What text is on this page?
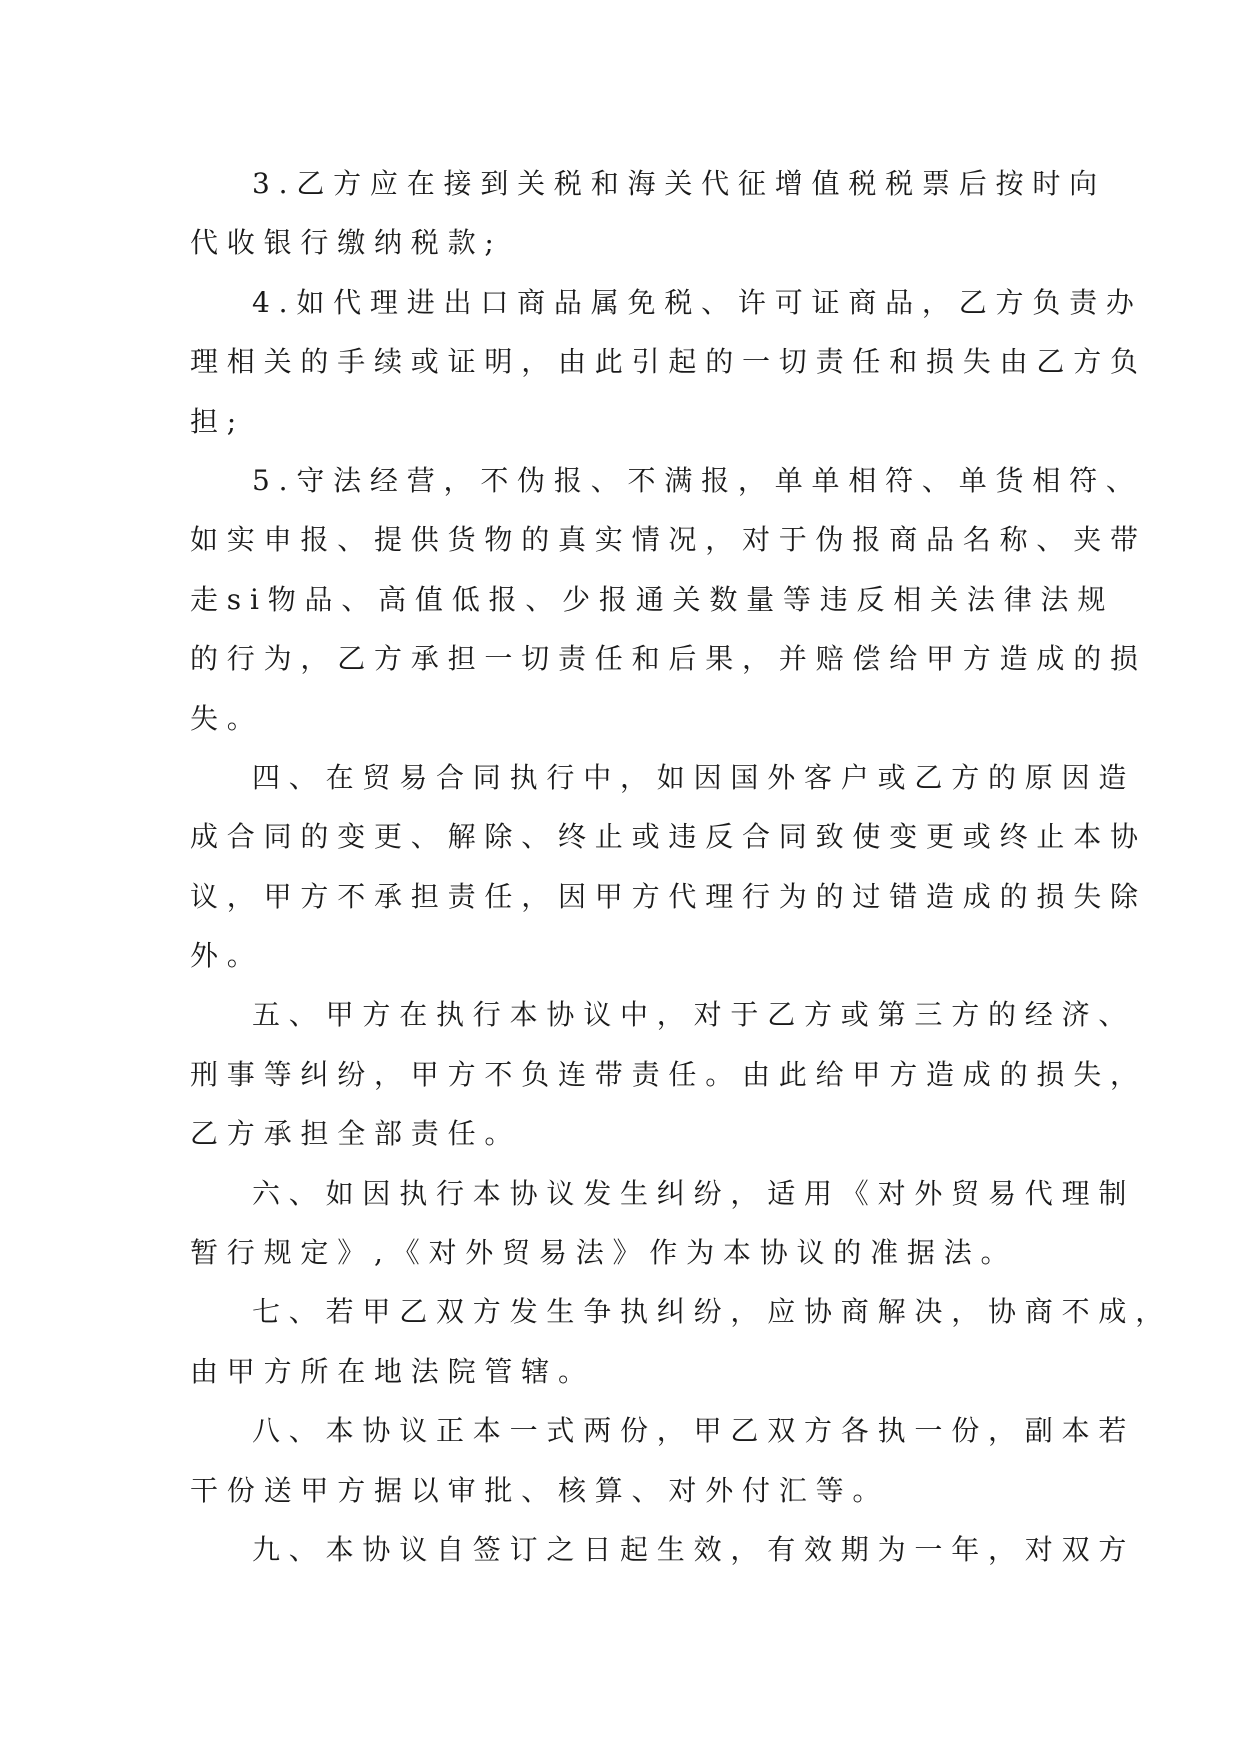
3.乙方应在接到关税和海关代征增值税税票后按时向
代收银行缴纳税款;
4.如代理进出口商品属免税、许可证商品，乙方负责办
理相关的手续或证明，由此引起的一切责任和损失由乙方负
担;
5.守法经营，不伪报、不满报，单单相符、单货相符、
如实申报、提供货物的真实情况，对于伪报商品名称、夹带
走si物品、高值低报、少报通关数量等违反相关法律法规
的行为，乙方承担一切责任和后果，并赔偿给甲方造成的损
失。
四、在贸易合同执行中，如因国外客户或乙方的原因造
成合同的变更、解除、终止或违反合同致使变更或终止本协
议，甲方不承担责任，因甲方代理行为的过错造成的损失除
外。
五、甲方在执行本协议中，对于乙方或第三方的经济、
刑事等纠纷，甲方不负连带责任。由此给甲方造成的损失，
乙方承担全部责任。
六、如因执行本协议发生纠纷，适用《对外贸易代理制
暂行规定》,《对外贸易法》作为本协议的准据法。
七、若甲乙双方发生争执纠纷，应协商解决，协商不成，
由甲方所在地法院管辖。
八、本协议正本一式两份，甲乙双方各执一份，副本若
干份送甲方据以审批、核算、对外付汇等。
九、本协议自签订之日起生效，有效期为一年，对双方
